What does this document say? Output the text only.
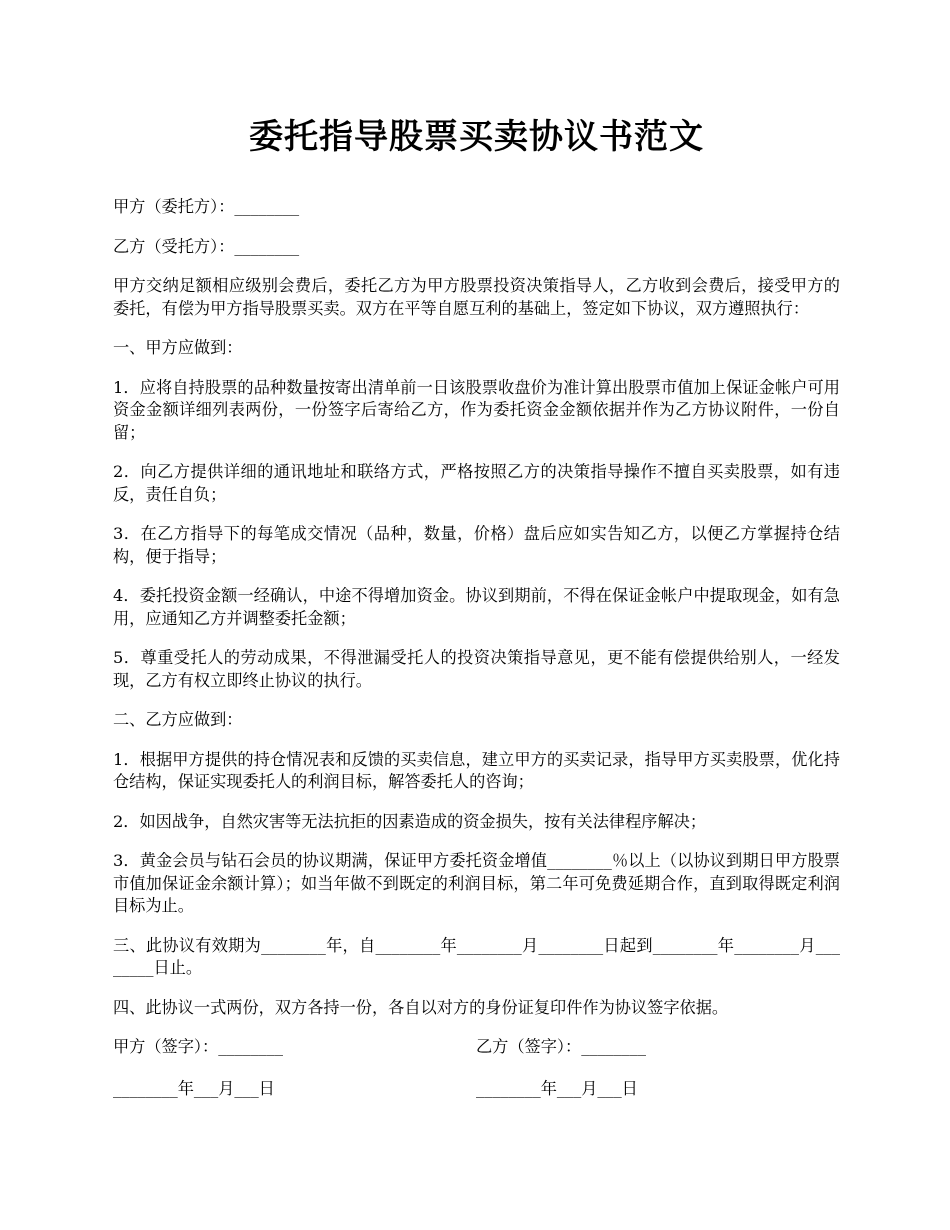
委托指导股票买卖协议书范文

甲方（委托方）：________

乙方（受托方）：________

甲方交纳足额相应级别会费后，委托乙方为甲方股票投资决策指导人，乙方收到会费后，接受甲方的委托，有偿为甲方指导股票买卖。双方在平等自愿互利的基础上，签定如下协议，双方遵照执行：

一、甲方应做到：

1．应将自持股票的品种数量按寄出清单前一日该股票收盘价为准计算出股票市值加上保证金帐户可用资金金额详细列表两份，一份签字后寄给乙方，作为委托资金金额依据并作为乙方协议附件，一份自留；

2．向乙方提供详细的通讯地址和联络方式，严格按照乙方的决策指导操作不擅自买卖股票，如有违反，责任自负；

3．在乙方指导下的每笔成交情况（品种，数量，价格）盘后应如实告知乙方，以便乙方掌握持仓结构，便于指导；

4．委托投资金额一经确认，中途不得增加资金。协议到期前，不得在保证金帐户中提取现金，如有急用，应通知乙方并调整委托金额；

5．尊重受托人的劳动成果，不得泄漏受托人的投资决策指导意见，更不能有偿提供给别人，一经发现，乙方有权立即终止协议的执行。

二、乙方应做到：

1．根据甲方提供的持仓情况表和反馈的买卖信息，建立甲方的买卖记录，指导甲方买卖股票，优化持仓结构，保证实现委托人的利润目标，解答委托人的咨询；

2．如因战争，自然灾害等无法抗拒的因素造成的资金损失，按有关法律程序解决；

3．黄金会员与钻石会员的协议期满，保证甲方委托资金增值________％以上（以协议到期日甲方股票市值加保证金余额计算）；如当年做不到既定的利润目标，第二年可免费延期合作，直到取得既定利润目标为止。

三、此协议有效期为________年，自________年________月________日起到________年________月________日止。

四、此协议一式两份，双方各持一份，各自以对方的身份证复印件作为协议签字依据。

甲方（签字）：________	乙方（签字）：________
________年___月___日	________年___月___日
